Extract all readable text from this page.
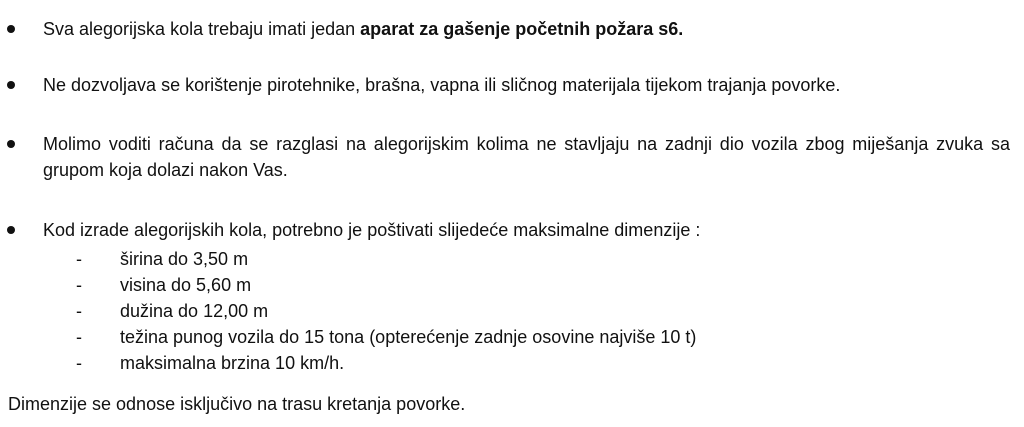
Sva alegorijska kola trebaju imati jedan aparat za gašenje početnih požara s6.
Ne dozvoljava se korištenje pirotehnike, brašna, vapna ili sličnog materijala tijekom trajanja povorke.
Molimo voditi računa da se razglasi na alegorijskim kolima ne stavljaju na zadnji dio vozila zbog miješanja zvuka sa grupom koja dolazi nakon Vas.
Kod izrade alegorijskih kola, potrebno je poštivati slijedeće maksimalne dimenzije :
-	širina do 3,50 m
-	visina do 5,60 m
-	dužina do 12,00 m
-	težina punog vozila do 15 tona (opterećenje zadnje osovine najviše 10 t)
-	maksimalna brzina 10 km/h.
Dimenzije se odnose isključivo na trasu kretanja povorke.
